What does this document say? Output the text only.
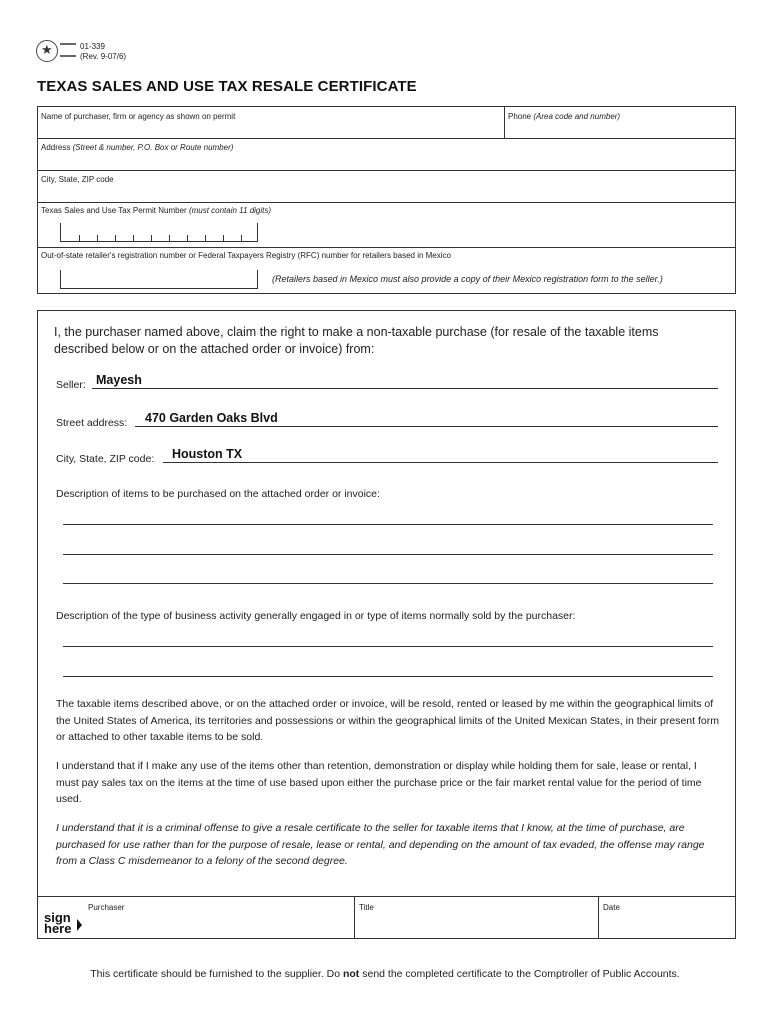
★
01-339
(Rev. 9-07/6)
TEXAS SALES AND USE TAX RESALE CERTIFICATE
Name of purchaser, firm or agency as shown on permit	Phone (Area code and number)
Address (Street & number, P.O. Box or Route number)
City, State, ZIP code
Texas Sales and Use Tax Permit Number (must contain 11 digits)
Out-of-state retailer's registration number or Federal Taxpayers Registry (RFC) number for retailers based in Mexico
(Retailers based in Mexico must also provide a copy of their Mexico registration form to the seller.)
I, the purchaser named above, claim the right to make a non-taxable purchase (for resale of the taxable items described below or on the attached order or invoice) from:
Seller: Mayesh
Street address: 470 Garden Oaks Blvd
City, State, ZIP code: Houston TX
Description of items to be purchased on the attached order or invoice:
Description of the type of business activity generally engaged in or type of items normally sold by the purchaser:
The taxable items described above, or on the attached order or invoice, will be resold, rented or leased by me within the geographical limits of the United States of America, its territories and possessions or within the geographical limits of the United Mexican States, in their present form or attached to other taxable items to be sold.
I understand that if I make any use of the items other than retention, demonstration or display while holding them for sale, lease or rental, I must pay sales tax on the items at the time of use based upon either the purchase price or the fair market rental value for the period of time used.
I understand that it is a criminal offense to give a resale certificate to the seller for taxable items that I know, at the time of purchase, are purchased for use rather than for the purpose of resale, lease or rental, and depending on the amount of tax evaded, the offense may range from a Class C misdemeanor to a felony of the second degree.
sign
here
Purchaser	Title	Date
This certificate should be furnished to the supplier. Do not send the completed certificate to the Comptroller of Public Accounts.
